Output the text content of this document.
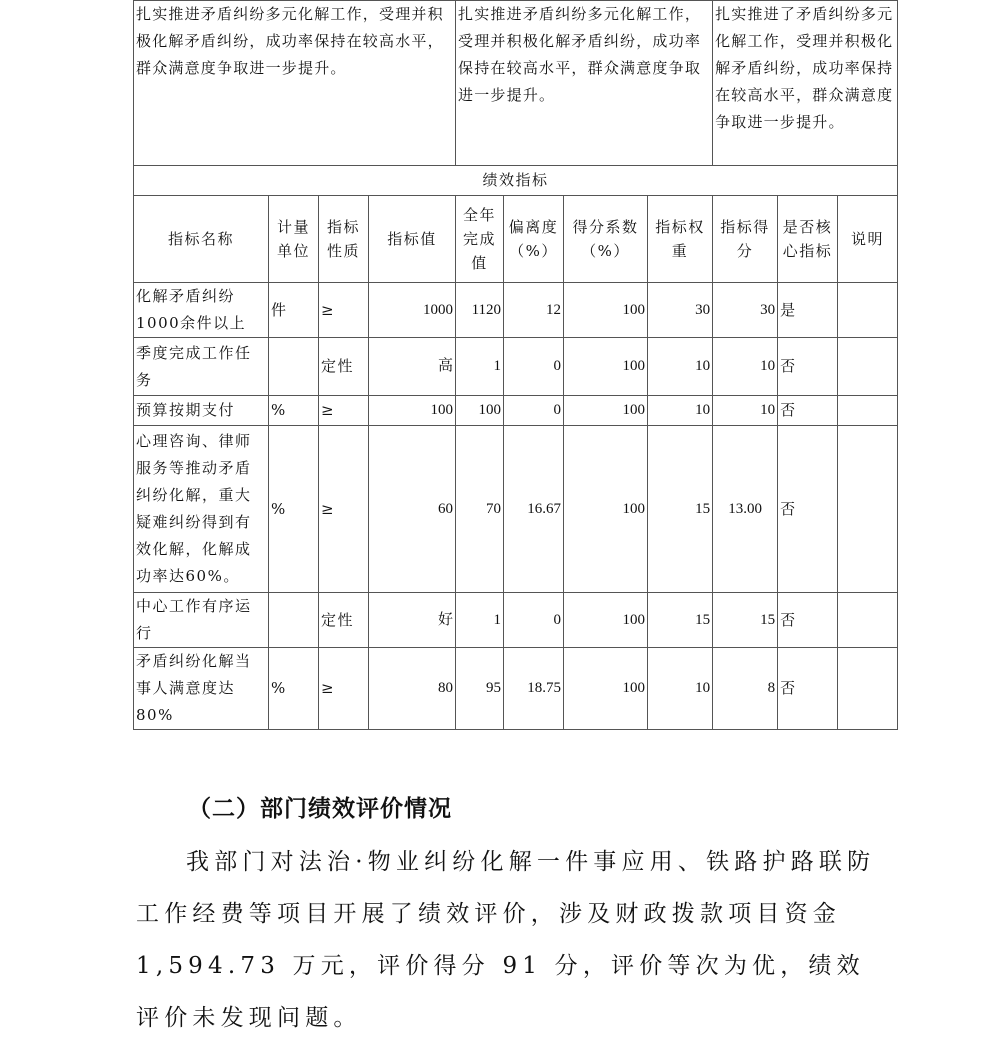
扎实推进矛盾纠纷多元化解工作，受理并积极化解矛盾纠纷，成功率保持在较高水平，群众满意度争取进一步提升。				扎实推进矛盾纠纷多元化解工作，受理并积极化解矛盾纠纷，成功率保持在较高水平，群众满意度争取进一步提升。				扎实推进了矛盾纠纷多元化解工作，受理并积极化解矛盾纠纷，成功率保持在较高水平，群众满意度争取进一步提升。		
绩效指标										
指标名称	计量单位	指标性质	指标值	全年完成值	偏离度（%）	得分系数（%）	指标权重	指标得分	是否核心指标	说明
化解矛盾纠纷1000余件以上	件	≥	1000	1120	12	100	30	30	是	
季度完成工作任务		定性	高	1	0	100	10	10	否	
预算按期支付	%	≥	100	100	0	100	10	10	否	
心理咨询、律师服务等推动矛盾纠纷化解，重大疑难纠纷得到有效化解，化解成功率达60%。	%	≥	60	70	16.67	100	15	13.00	否	
中心工作有序运行		定性	好	1	0	100	15	15	否	
矛盾纠纷化解当事人满意度达80%	%	≥	80	95	18.75	100	10	8	否	
（二）部门绩效评价情况
我部门对法治·物业纠纷化解一件事应用、铁路护路联防工作经费等项目开展了绩效评价，涉及财政拨款项目资金1,594.73 万元，评价得分 91 分，评价等次为优，绩效评价未发现问题。
